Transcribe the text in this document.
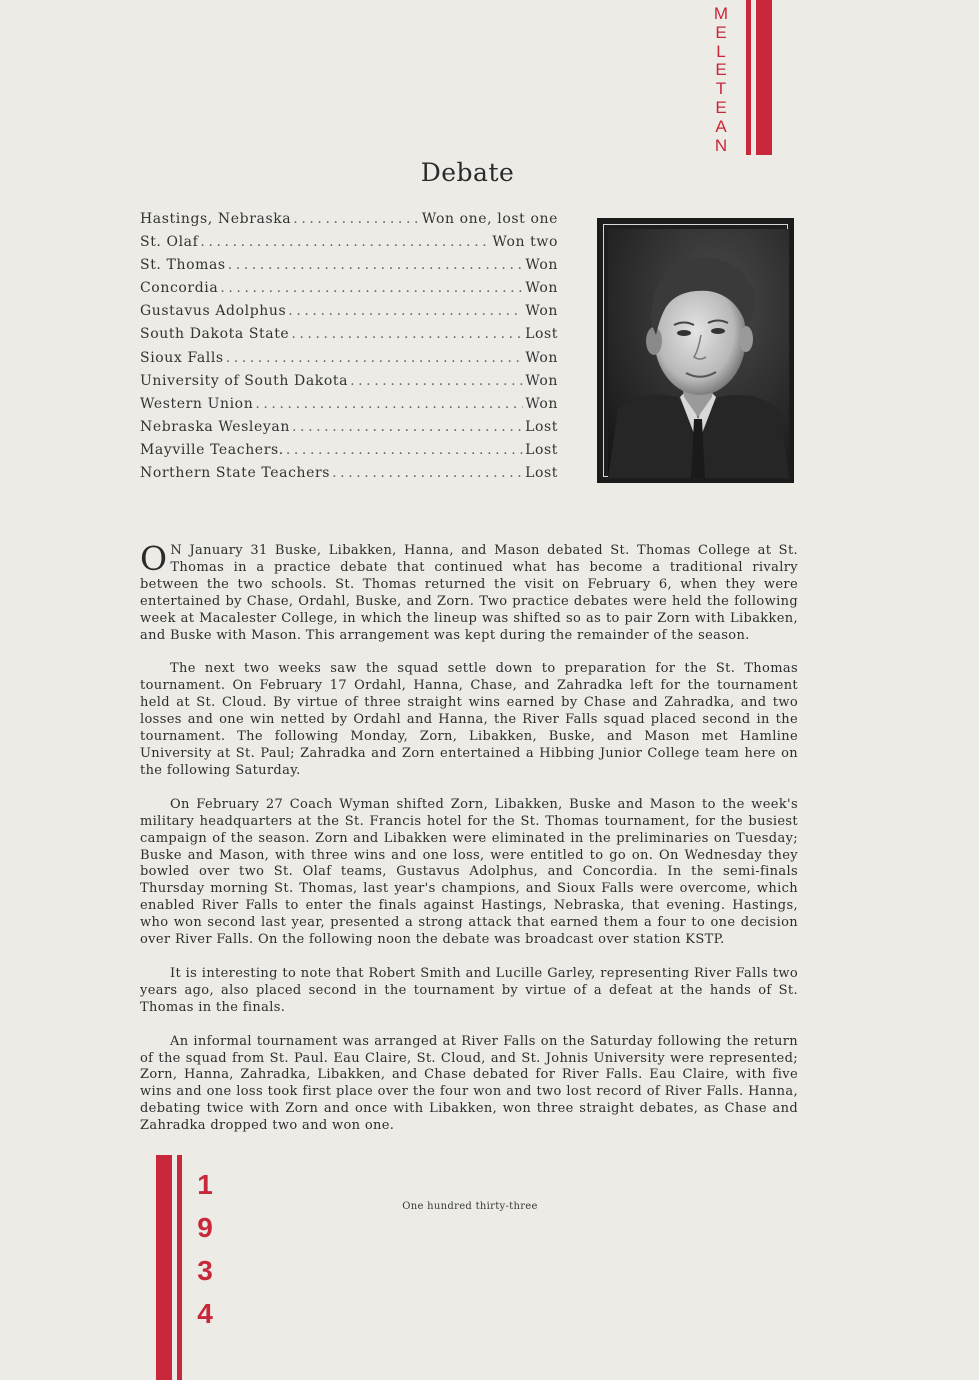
M
E
L
E
T
E
A
N
Debate
Hastings, Nebraska .....	Won one, lost one
St. Olaf .....	Won two
St. Thomas .....	Won
Concordia .....	Won
Gustavus Adolphus .....	Won
South Dakota State .....	Lost
Sioux Falls .....	Won
University of South Dakota .....	Won
Western Union .....	Won
Nebraska Wesleyan .....	Lost
Mayville Teachers. .....	Lost
Northern State Teachers .....	Lost

O N January 31 Buske, Libakken, Hanna, and Mason debated St. Thomas College at St. Thomas in a practice debate that continued what has become a traditional rivalry between the two schools. St. Thomas returned the visit on February 6, when they were entertained by Chase, Ordahl, Buske, and Zorn. Two practice debates were held the following week at Macalester College, in which the lineup was shifted so as to pair Zorn with Libakken, and Buske with Mason. This arrangement was kept during the remainder of the season.

The next two weeks saw the squad settle down to preparation for the St. Thomas tournament. On February 17 Ordahl, Hanna, Chase, and Zahradka left for the tournament held at St. Cloud. By virtue of three straight wins earned by Chase and Zahradka, and two losses and one win netted by Ordahl and Hanna, the River Falls squad placed second in the tournament. The following Monday, Zorn, Libakken, Buske, and Mason met Hamline University at St. Paul; Zahradka and Zorn entertained a Hibbing Junior College team here on the following Saturday.

On February 27 Coach Wyman shifted Zorn, Libakken, Buske and Mason to the week's military headquarters at the St. Francis hotel for the St. Thomas tournament, for the busiest campaign of the season. Zorn and Libakken were eliminated in the preliminaries on Tuesday; Buske and Mason, with three wins and one loss, were entitled to go on. On Wednesday they bowled over two St. Olaf teams, Gustavus Adolphus, and Concordia. In the semi-finals Thursday morning St. Thomas, last year's champions, and Sioux Falls were overcome, which enabled River Falls to enter the finals against Hastings, Nebraska, that evening. Hastings, who won second last year, presented a strong attack that earned them a four to one decision over River Falls. On the following noon the debate was broadcast over station KSTP.

It is interesting to note that Robert Smith and Lucille Garley, representing River Falls two years ago, also placed second in the tournament by virtue of a defeat at the hands of St. Thomas in the finals.

An informal tournament was arranged at River Falls on the Saturday following the return of the squad from St. Paul. Eau Claire, St. Cloud, and St. Johnis University were represented; Zorn, Hanna, Zahradka, Libakken, and Chase debated for River Falls. Eau Claire, with five wins and one loss took first place over the four won and two lost record of River Falls. Hanna, debating twice with Zorn and once with Libakken, won three straight debates, as Chase and Zahradka dropped two and won one.

1
9
3
4
One hundred thirty-three
